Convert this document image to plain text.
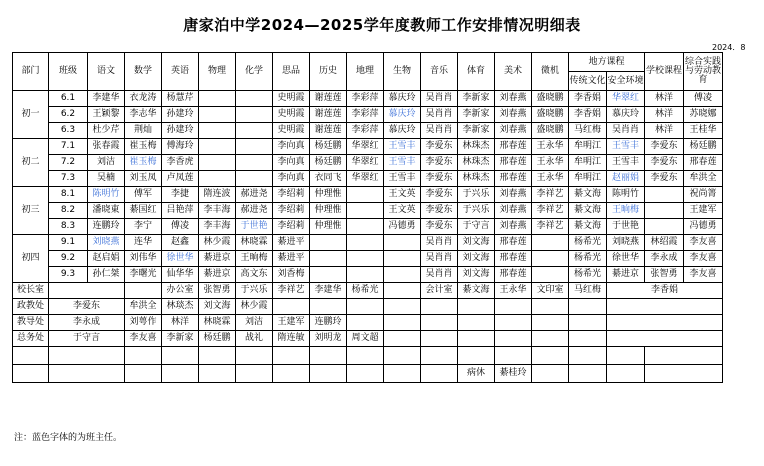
唐家泊中学2024—2025学年度教师工作安排情况明细表
2024．8
部门	班级	语文	数学	英语	物理	化学	思品	历史	地理	生物	音乐	体育	美术	微机	地方课程		学校课程	综合实践与劳动教育
															传统文化	安全环境		
初一	6.1	李建华	衣龙涛	杨慧芹			史明霞	谢莲莲	李彩萍	慕庆玲	吴肖肖	李新家	刘春燕	盛晓鹏	李香娟	华翠红	林洋	傅凌
	6.2	王颖黎	李志华	孙建玲			史明霞	谢莲莲	李彩萍	慕庆玲	吴肖肖	李新家	刘春燕	盛晓鹏	李香娟	慕庆玲	林洋	苏晓娜
	6.3	杜少芹	荆灿	孙建玲			史明霞	谢莲莲	李彩萍	慕庆玲	吴肖肖	李新家	刘春燕	盛晓鹏	马红梅	吴肖肖	林洋	王桂华
初二	7.1	张春霞	崔玉梅	傅海玲			李向真	杨廷鹏	华翠红	王雪丰	李爱东	林珠杰	邢春莲	王永华	牟明江	王雪丰	李爱东	杨廷鹏
	7.2	刘洁	崔玉梅	李香虎			李向真	杨廷鹏	华翠红	王雪丰	李爱东	林珠杰	邢春莲	王永华	牟明江	王雪丰	李爱东	邢春莲
	7.3	吴楠	刘玉凤	卢凤莲			李向真	衣同飞	华翠红	王雪丰	李爱东	林珠杰	邢春莲	王永华	牟明江	赵丽娟	李爱东	牟洪全
初三	8.1	陈明竹	傅军	李捷	隋连波	郝进尧	李绍莉	仲理惟		王文英	李爱东	于兴乐	刘春燕	李祥艺	綦文海	陈明竹		祝尚箐
	8.2	潘晓東	綦国红	吕艳萍	李丰海	郝进尧	李绍莉	仲理惟		王文英	李爱东	于兴乐	刘春燕	李祥艺	綦文海	王晌梅		王建军
	8.3	连鹏玲	李宁	傅凌	李丰海	于世艳	李绍莉	仲理惟		冯德勇	李爱东	于守言	刘春燕	李祥艺	綦文海	于世艳		冯德勇
初四	9.1	刘晓燕	连华	赵鑫	林少霞	林晓霖	綦进平				吴肖肖	刘文海	邢春莲		杨希光	刘晓燕	林绍霞	李友喜
	9.2	赵启娟	刘伟华	徐世华	綦进京	王晌梅	綦进平				吴肖肖	刘文海	邢春莲		杨希光	徐世华	李永成	李友喜
	9.3	孙仁桀	李曙光	仙华华	綦进京	高文东	刘香梅				吴肖肖	刘文海	邢春莲		杨希光	綦进京	张智勇	李友喜
校长室				办公室	张智勇	于兴乐	李祥艺	李建华	杨希光		会计室	綦文海	王永华	文印室	马红梅	李香娟		
政教处	李爱东		牟洪全	林琰杰	刘文海	林少霞												
教导处	李永成		刘萼作	林洋	林晓霖	刘洁	王建军	连鹏玲										
总务处	于守言		李友喜	李新家	杨廷鹏	战礼	隋连敏	刘明龙	周文超									

												病休	綦桂玲					
注：蓝色字体的为班主任。
